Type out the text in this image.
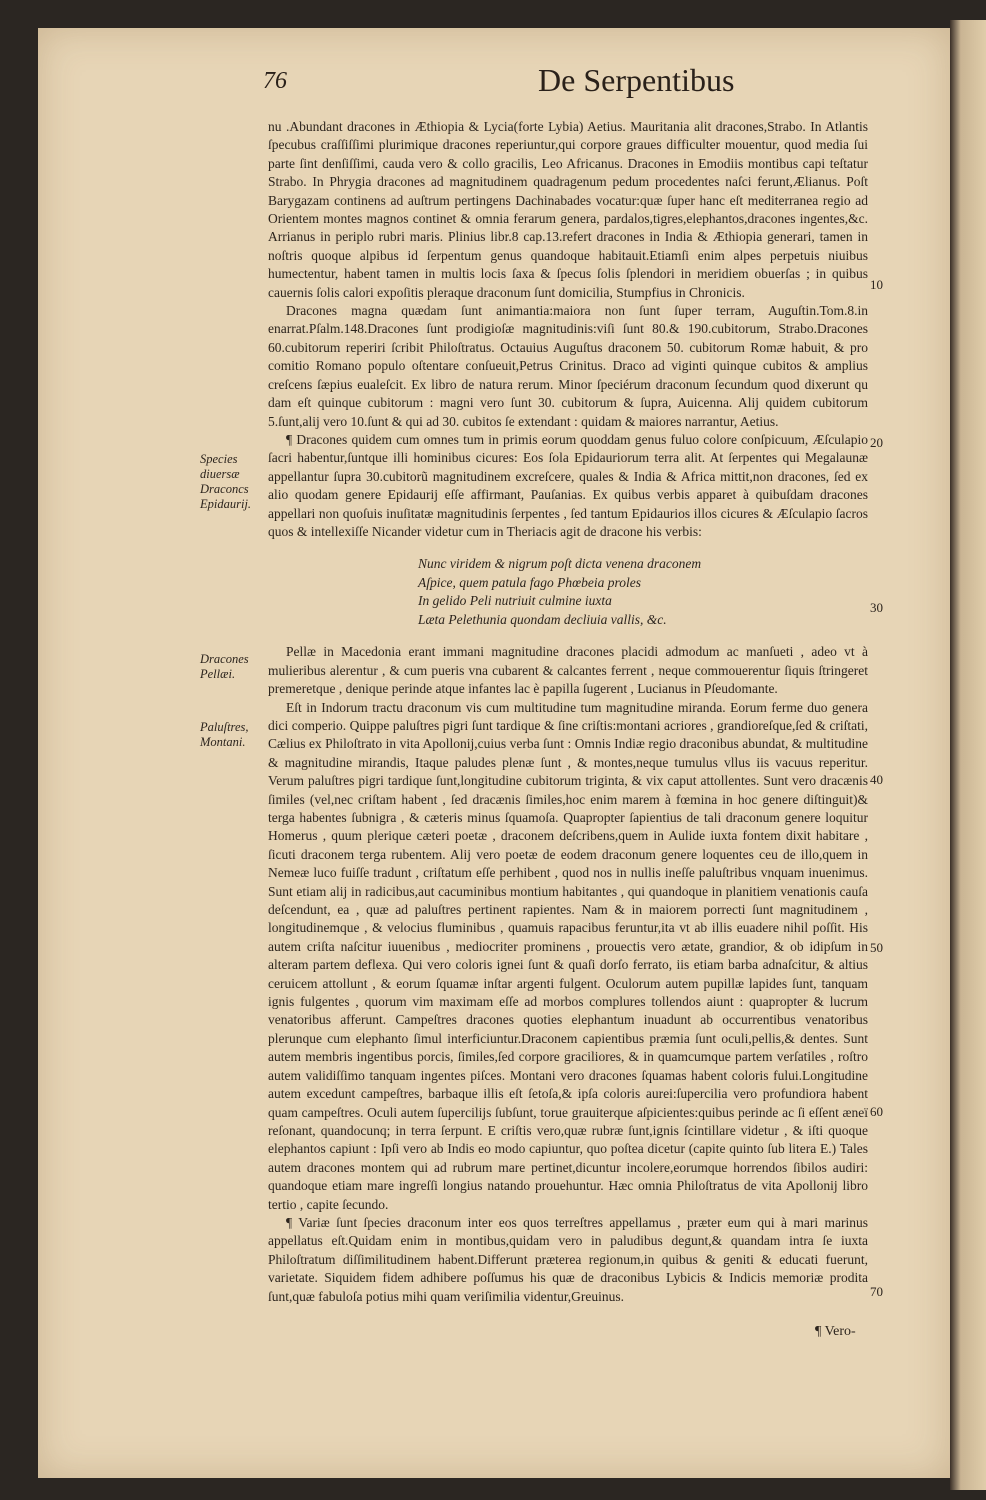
76	De Serpentibus
Species diuersæ Draconcs Epidaurij.
Dracones Pellæi.
Paluſtres, Montani.
10
20
30
40
50
60
70

nu .Abundant dracones in Æthiopia & Lycia(forte Lybia) Aetius. Mauritania alit dracones,Strabo. In Atlantis ſpecubus craſſiſſimi plurimique dracones reperiuntur,qui corpore graues difficulter mouentur, quod media ſui parte ſint denſiſſimi, cauda vero & collo gracilis, Leo Africanus. Dracones in Emodiis montibus capi teſtatur Strabo. In Phrygia dracones ad magnitudinem quadragenum pedum procedentes naſci ferunt,Ælianus. Poſt Barygazam continens ad auſtrum pertingens Dachinabades vocatur:quæ ſuper hanc eſt mediterranea regio ad Orientem montes magnos continet & omnia ferarum genera, pardalos,tigres,elephantos,dracones ingentes,&c. Arrianus in periplo rubri maris. Plinius libr.8 cap.13.refert dracones in India & Æthiopia generari, tamen in noſtris quoque alpibus id ſerpentum genus quandoque habitauit.Etiamſi enim alpes perpetuis niuibus humectentur, habent tamen in multis locis ſaxa & ſpecus ſolis ſplendori in meridiem obuerſas ; in quibus cauernis ſolis calori expoſitis pleraque draconum ſunt domicilia, Stumpfius in Chronicis.

Dracones magna quædam ſunt animantia:maiora non ſunt ſuper terram, Auguſtin.Tom.8.in enarrat.Pſalm.148.Dracones ſunt prodigioſæ magnitudinis:viſi ſunt 80.& 190.cubitorum, Strabo.Dracones 60.cubitorum reperiri ſcribit Philoſtratus. Octauius Auguſtus draconem 50. cubitorum Romæ habuit, & pro comitio Romano populo oſtentare conſueuit,Petrus Crinitus. Draco ad viginti quinque cubitos & amplius creſcens ſæpius eualeſcit. Ex libro de natura rerum. Minor ſpeciérum draconum ſecundum quod dixerunt qu dam eſt quinque cubitorum : magni vero ſunt 30. cubitorum & ſupra, Auicenna. Alij quidem cubitorum 5.ſunt,alij vero 10.ſunt & qui ad 30. cubitos ſe extendant : quidam & maiores narrantur, Aetius.

¶ Dracones quidem cum omnes tum in primis eorum quoddam genus fuluo colore conſpicuum, Æſculapio ſacri habentur,ſuntque illi hominibus cicures: Eos ſola Epidauriorum terra alit. At ſerpentes qui Megalaunæ appellantur ſupra 30.cubitorũ magnitudinem excreſcere, quales & India & Africa mittit,non dracones, ſed ex alio quodam genere Epidaurij eſſe affirmant, Pauſanias. Ex quibus verbis apparet à quibuſdam dracones appellari non quoſuis inuſitatæ magnitudinis ſerpentes , ſed tantum Epidaurios illos cicures & Æſculapio ſacros quos & intellexiſſe Nicander videtur cum in Theriacis agit de dracone his verbis:

Nunc viridem & nigrum poſt dicta venena draconem
Aſpice, quem patula fago Phœbeia proles
In gelido Peli nutriuit culmine iuxta
Læta Pelethunia quondam decliuia vallis, &c.

Pellæ in Macedonia erant immani magnitudine dracones placidi admodum ac manſueti , adeo vt à mulieribus alerentur , & cum pueris vna cubarent & calcantes ferrent , neque commouerentur ſiquis ſtringeret premeretque , denique perinde atque infantes lac è papilla ſugerent , Lucianus in Pſeudomante.

Eſt in Indorum tractu draconum vis cum multitudine tum magnitudine miranda. Eorum ferme duo genera dici comperio. Quippe paluſtres pigri ſunt tardique & ſine criſtis:montani acriores , grandioreſque,ſed & criſtati, Cælius ex Philoſtrato in vita Apollonij,cuius verba ſunt : Omnis Indiæ regio draconibus abundat, & multitudine & magnitudine mirandis, Itaque paludes plenæ ſunt , & montes,neque tumulus vllus iis vacuus reperitur. Verum paluſtres pigri tardique ſunt,longitudine cubitorum triginta, & vix caput attollentes. Sunt vero dracænis ſimiles (vel,nec criſtam habent , ſed dracænis ſimiles,hoc enim marem à fœmina in hoc genere diſtinguit)& terga habentes ſubnigra , & cæteris minus ſquamoſa. Quapropter ſapientius de tali draconum genere loquitur Homerus , quum plerique cæteri poetæ , draconem deſcribens,quem in Aulide iuxta fontem dixit habitare , ſicuti draconem terga rubentem. Alij vero poetæ de eodem draconum genere loquentes ceu de illo,quem in Nemeæ luco fuiſſe tradunt , criſtatum eſſe perhibent , quod nos in nullis ineſſe paluſtribus vnquam inuenimus. Sunt etiam alij in radicibus,aut cacuminibus montium habitantes , qui quandoque in planitiem venationis cauſa deſcendunt, ea , quæ ad paluſtres pertinent rapientes. Nam & in maiorem porrecti ſunt magnitudinem , longitudinemque , & velocius fluminibus , quamuis rapacibus feruntur,ita vt ab illis euadere nihil poſſit. His autem criſta naſcitur iuuenibus , mediocriter prominens , prouectis vero ætate, grandior, & ob idipſum in alteram partem deflexa. Qui vero coloris ignei ſunt & quaſi dorſo ferrato, iis etiam barba adnaſcitur, & altius ceruicem attollunt , & eorum ſquamæ inſtar argenti fulgent. Oculorum autem pupillæ lapides ſunt, tanquam ignis fulgentes , quorum vim maximam eſſe ad morbos complures tollendos aiunt : quapropter & lucrum venatoribus afferunt. Campeſtres dracones quoties elephantum inuadunt ab occurrentibus venatoribus plerunque cum elephanto ſimul interficiuntur.Draconem capientibus præmia ſunt oculi,pellis,& dentes. Sunt autem membris ingentibus porcis, ſimiles,ſed corpore graciliores, & in quamcumque partem verſatiles , roſtro autem validiſſimo tanquam ingentes piſces. Montani vero dracones ſquamas habent coloris fului.Longitudine autem excedunt campeſtres, barbaque illis eſt ſetoſa,& ipſa coloris aurei:ſupercilia vero profundiora habent quam campeſtres. Oculi autem ſupercilijs ſubſunt, torue grauiterque aſpicientes:quibus perinde ac ſi eſſent æneï reſonant, quandocunq; in terra ſerpunt. E criſtis vero,quæ rubræ ſunt,ignis ſcintillare videtur , & iſti quoque elephantos capiunt : Ipſi vero ab Indis eo modo capiuntur, quo poſtea dicetur (capite quinto ſub litera E.) Tales autem dracones montem qui ad rubrum mare pertinet,dicuntur incolere,eorumque horrendos ſibilos audiri: quandoque etiam mare ingreſſi longius natando prouehuntur. Hæc omnia Philoſtratus de vita Apollonij libro tertio , capite ſecundo.

¶ Variæ ſunt ſpecies draconum inter eos quos terreſtres appellamus , præter eum qui à mari marinus appellatus eſt.Quidam enim in montibus,quidam vero in paludibus degunt,& quandam intra ſe iuxta Philoſtratum diſſimilitudinem habent.Differunt præterea regionum,in quibus & geniti & educati fuerunt, varietate. Siquidem fidem adhibere poſſumus his quæ de draconibus Lybicis & Indicis memoriæ prodita ſunt,quæ fabuloſa potius mihi quam veriſimilia videntur,Greuinus.

¶ Vero-
